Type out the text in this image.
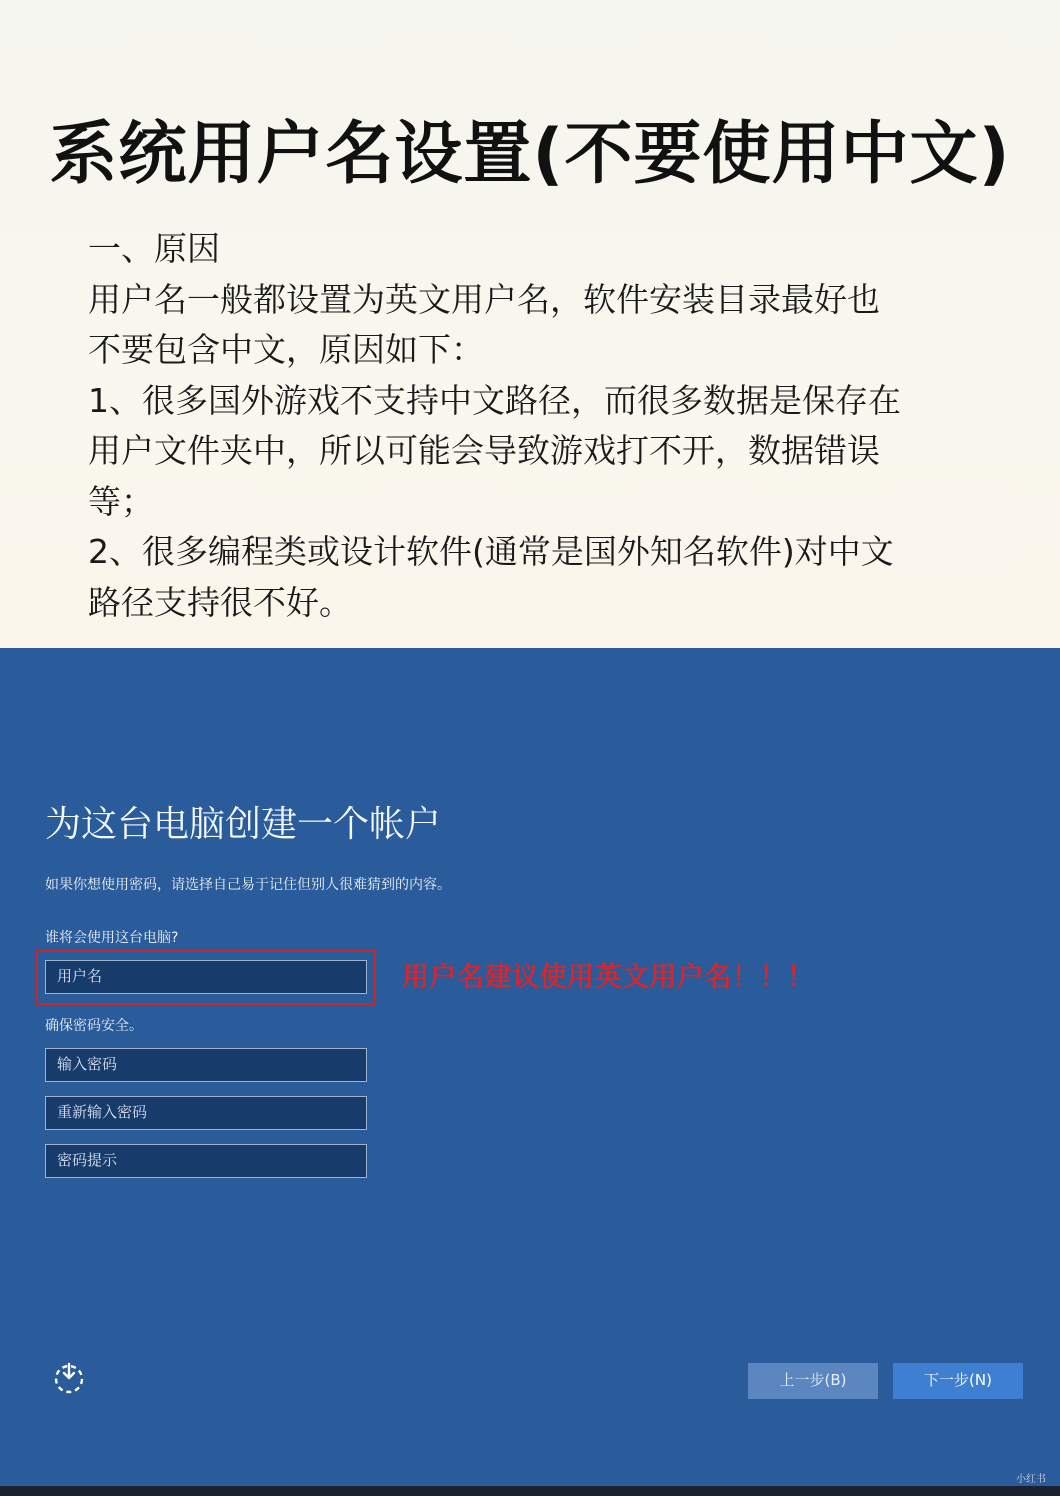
系统用户名设置(不要使用中文)
一、原因
用户名一般都设置为英文用户名，软件安装目录最好也
不要包含中文，原因如下：
1、很多国外游戏不支持中文路径，而很多数据是保存在
用户文件夹中，所以可能会导致游戏打不开，数据错误
等；
2、很多编程类或设计软件(通常是国外知名软件)对中文
路径支持很不好。
为这台电脑创建一个帐户
如果你想使用密码，请选择自己易于记住但别人很难猜到的内容。
谁将会使用这台电脑?
用户名	用户名建议使用英文用户名！！！
确保密码安全。
输入密码
重新输入密码
密码提示
上一步(B)	下一步(N)
小红书
